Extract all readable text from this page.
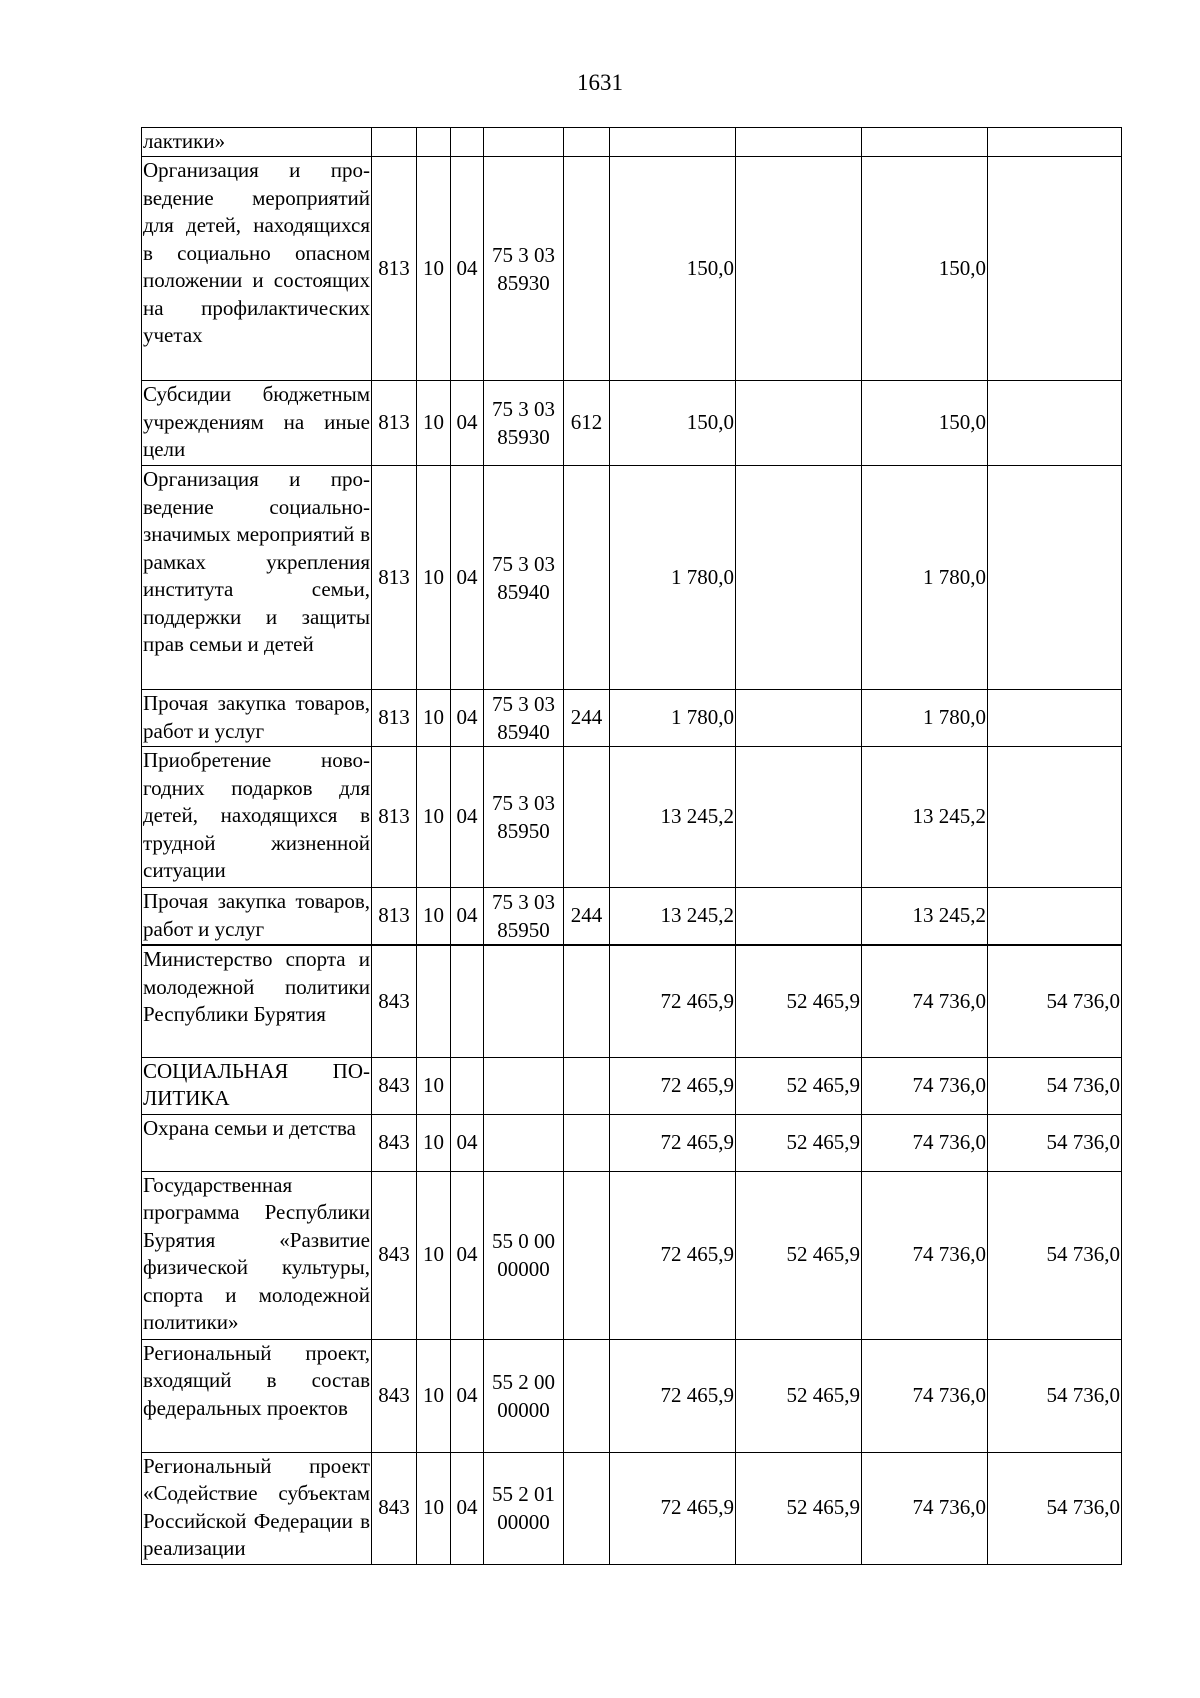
1631
лактики»									
Организация и проведение мероприятий для детей, находящихся в социально опасном положении и состоящих на профилактических учетах	813	10	04	75 3 03 85930		150,0		150,0	
Субсидии бюджетным учреждениям на иные цели	813	10	04	75 3 03 85930	612	150,0		150,0	
Организация и проведение социально-значимых мероприятий в рамках укрепления института семьи, поддержки и защиты прав семьи и детей	813	10	04	75 3 03 85940		1 780,0		1 780,0	
Прочая закупка товаров, работ и услуг	813	10	04	75 3 03 85940	244	1 780,0		1 780,0	
Приобретение новогодних подарков для детей, находящихся в трудной жизненной ситуации	813	10	04	75 3 03 85950		13 245,2		13 245,2	
Прочая закупка товаров, работ и услуг	813	10	04	75 3 03 85950	244	13 245,2		13 245,2	
Министерство спорта и молодежной политики Республики Бурятия	843					72 465,9	52 465,9	74 736,0	54 736,0
СОЦИАЛЬНАЯ ПОЛИТИКА	843	10				72 465,9	52 465,9	74 736,0	54 736,0
Охрана семьи и детства	843	10	04			72 465,9	52 465,9	74 736,0	54 736,0
Государственная программа Республики Бурятия «Развитие физической культуры, спорта и молодежной политики»	843	10	04	55 0 00 00000		72 465,9	52 465,9	74 736,0	54 736,0
Региональный проект, входящий в состав федеральных проектов	843	10	04	55 2 00 00000		72 465,9	52 465,9	74 736,0	54 736,0
Региональный проект «Содействие субъектам Российской Федерации в реализации	843	10	04	55 2 01 00000		72 465,9	52 465,9	74 736,0	54 736,0
